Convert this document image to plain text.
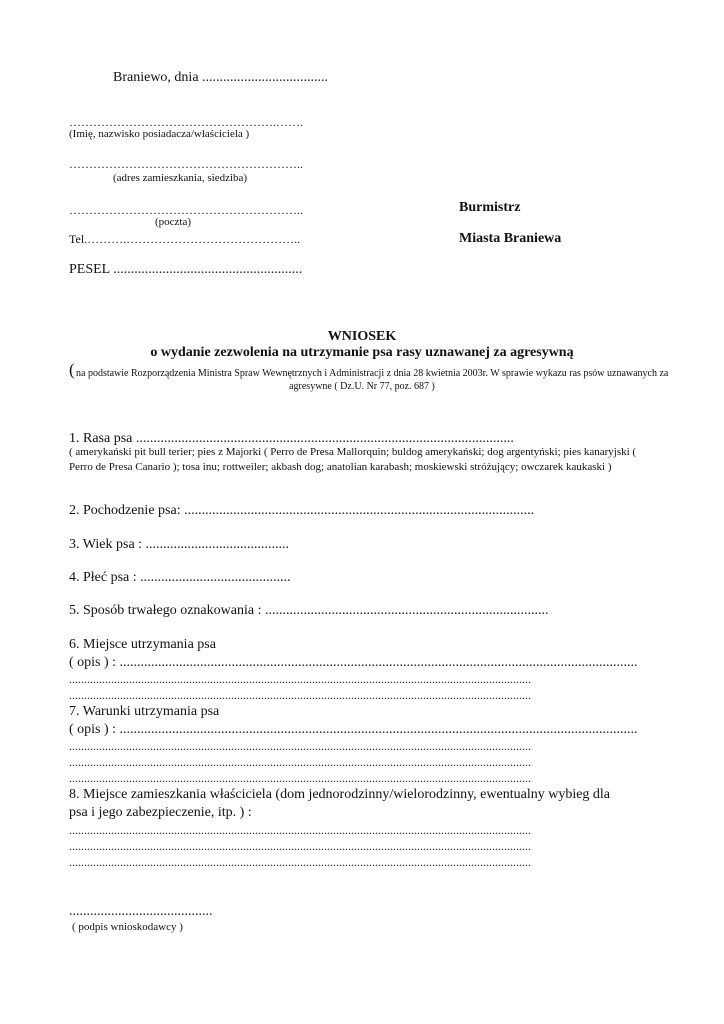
Braniewo, dnia ....................................
…………………………………………….…….
(Imię, nazwisko posiadacza/właściciela )
…………………………………………………..
(adres zamieszkania, siedziba)
…………………………………………………..
(poczta)
Tel.……….……………………………………..
PESEL ......................................................
Burmistrz
Miasta Braniewa
WNIOSEK
o wydanie zezwolenia na utrzymanie psa rasy uznawanej za agresywną
( na podstawie Rozporządzenia Ministra Spraw Wewnętrznych i Administracji z dnia 28 kwietnia 2003r. W sprawie wykazu ras psów uznawanych za
agresywne ( Dz.U. Nr 77, poz. 687 )
1. Rasa psa ............................................................................................................
( amerykański pit bull terier; pies z Majorki ( Perro de Presa Mallorquin; buldog amerykański; dog argentyński; pies kanaryjski ( Perro de Presa Canario ); tosa inu; rottweiler; akbash dog; anatolian karabash; moskiewski stróżujący; owczarek kaukaski )
2. Pochodzenie psa: ....................................................................................................
3. Wiek psa : .........................................
4. Płeć psa : ...........................................
5. Sposób trwałego oznakowania : .................................................................................
6. Miejsce utrzymania psa
( opis ) : ....................................................................................................................................................
..........................................................................................................................................................
..........................................................................................................................................................
7. Warunki utrzymania psa
( opis ) : ....................................................................................................................................................
..........................................................................................................................................................
..........................................................................................................................................................
..........................................................................................................................................................
8. Miejsce zamieszkania właściciela (dom jednorodzinny/wielorodzinny, ewentualny wybieg dla
psa i jego zabezpieczenie, itp. ) :
..........................................................................................................................................................
..........................................................................................................................................................
..........................................................................................................................................................
.........................................
( podpis wnioskodawcy )
